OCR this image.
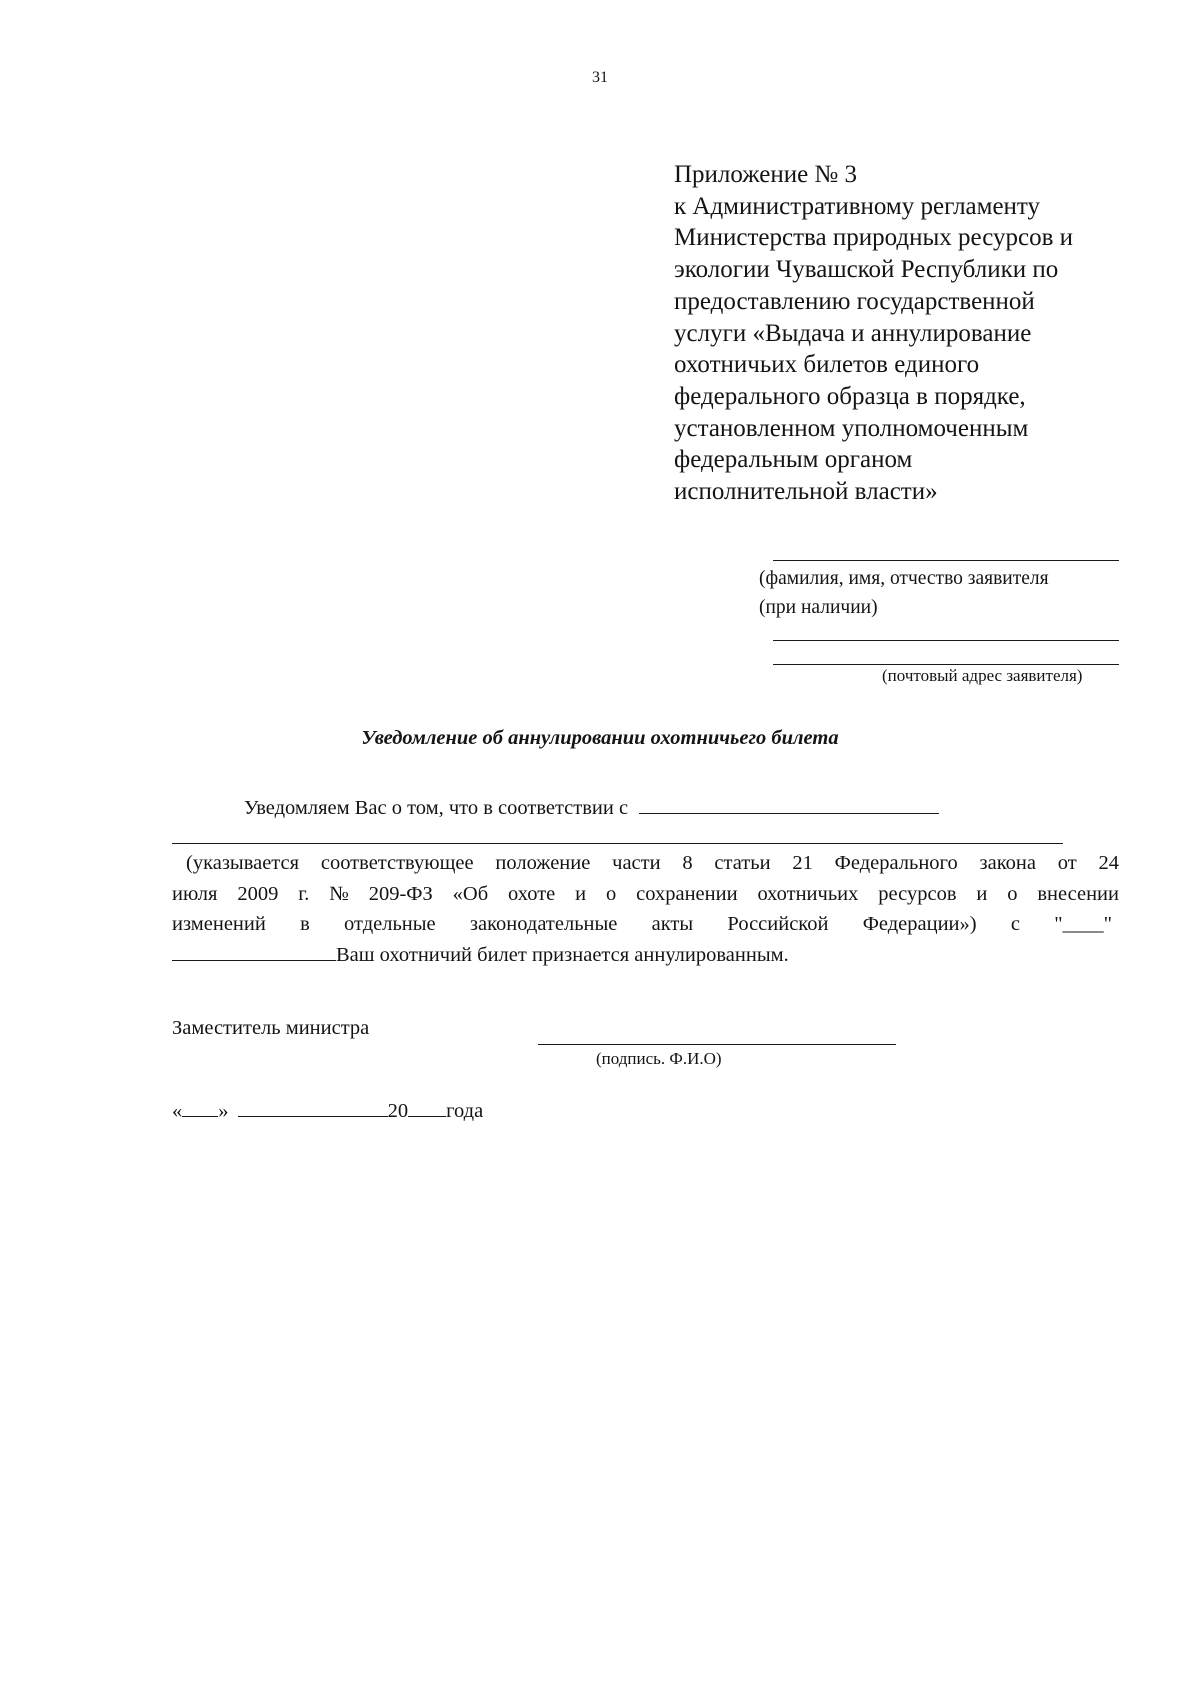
31
Приложение № 3
к Административному регламенту
Министерства природных ресурсов и
экологии Чувашской Республики по
предоставлению государственной
услуги «Выдача и аннулирование
охотничьих билетов единого
федерального образца в порядке,
установленном уполномоченным
федеральным органом
исполнительной власти»
(фамилия, имя, отчество заявителя
(при наличии)
(почтовый адрес заявителя)
Уведомление об аннулировании охотничьего билета
Уведомляем Вас о том, что в соответствии с
(указывается соответствующее положение части 8 статьи 21 Федерального закона от 24
июля 2009 г. № 209-ФЗ «Об охоте и о сохранении охотничьих ресурсов и о внесении
изменений в отдельные законодательные акты Российской Федерации») с "____"
Ваш охотничий билет признается аннулированным.
Заместитель министра
(подпись. Ф.И.О)
« »	20 года
